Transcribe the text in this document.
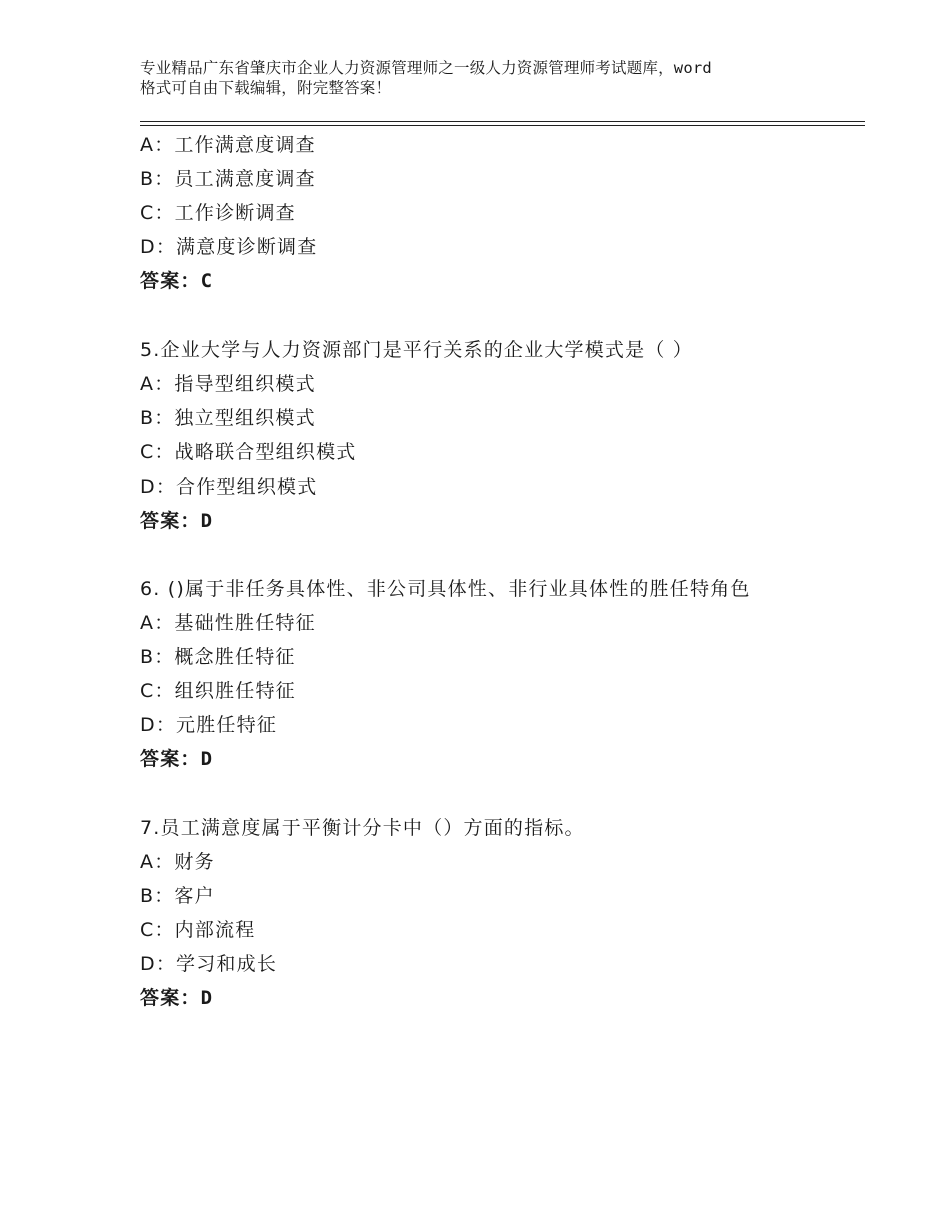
专业精品广东省肇庆市企业人力资源管理师之一级人力资源管理师考试题库，word
格式可自由下载编辑，附完整答案！
A：工作满意度调查
B：员工满意度调查
C：工作诊断调查
D：满意度诊断调查
答案：C
5.企业大学与人力资源部门是平行关系的企业大学模式是（ ）
A：指导型组织模式
B：独立型组织模式
C：战略联合型组织模式
D：合作型组织模式
答案：D
6. ()属于非任务具体性、非公司具体性、非行业具体性的胜任特角色
A：基础性胜任特征
B：概念胜任特征
C：组织胜任特征
D：元胜任特征
答案：D
7.员工满意度属于平衡计分卡中（）方面的指标。
A：财务
B：客户
C：内部流程
D：学习和成长
答案：D
